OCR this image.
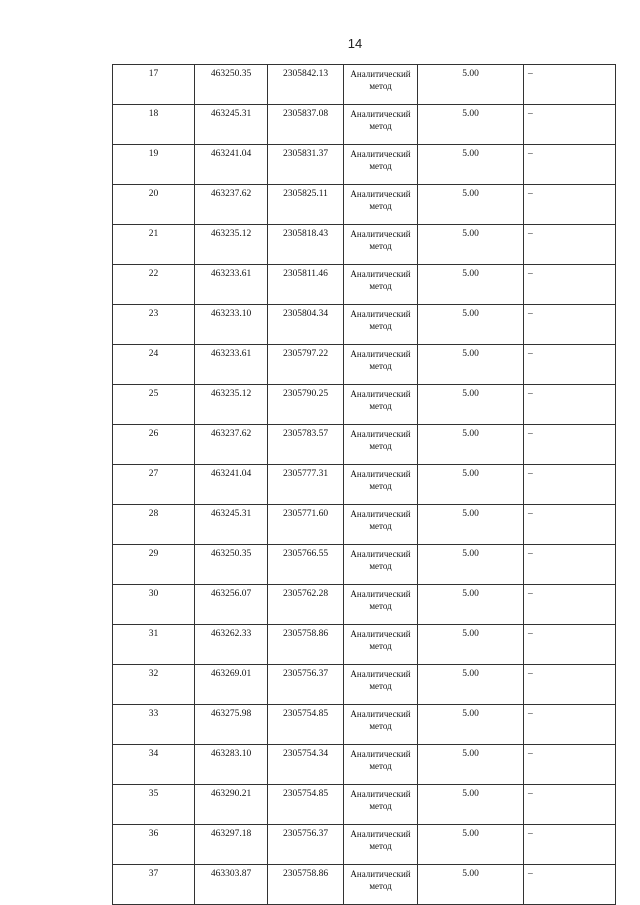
14
17	463250.35	2305842.13	Аналитический метод	5.00	–
18	463245.31	2305837.08	Аналитический метод	5.00	–
19	463241.04	2305831.37	Аналитический метод	5.00	–
20	463237.62	2305825.11	Аналитический метод	5.00	–
21	463235.12	2305818.43	Аналитический метод	5.00	–
22	463233.61	2305811.46	Аналитический метод	5.00	–
23	463233.10	2305804.34	Аналитический метод	5.00	–
24	463233.61	2305797.22	Аналитический метод	5.00	–
25	463235.12	2305790.25	Аналитический метод	5.00	–
26	463237.62	2305783.57	Аналитический метод	5.00	–
27	463241.04	2305777.31	Аналитический метод	5.00	–
28	463245.31	2305771.60	Аналитический метод	5.00	–
29	463250.35	2305766.55	Аналитический метод	5.00	–
30	463256.07	2305762.28	Аналитический метод	5.00	–
31	463262.33	2305758.86	Аналитический метод	5.00	–
32	463269.01	2305756.37	Аналитический метод	5.00	–
33	463275.98	2305754.85	Аналитический метод	5.00	–
34	463283.10	2305754.34	Аналитический метод	5.00	–
35	463290.21	2305754.85	Аналитический метод	5.00	–
36	463297.18	2305756.37	Аналитический метод	5.00	–
37	463303.87	2305758.86	Аналитический метод	5.00	–
